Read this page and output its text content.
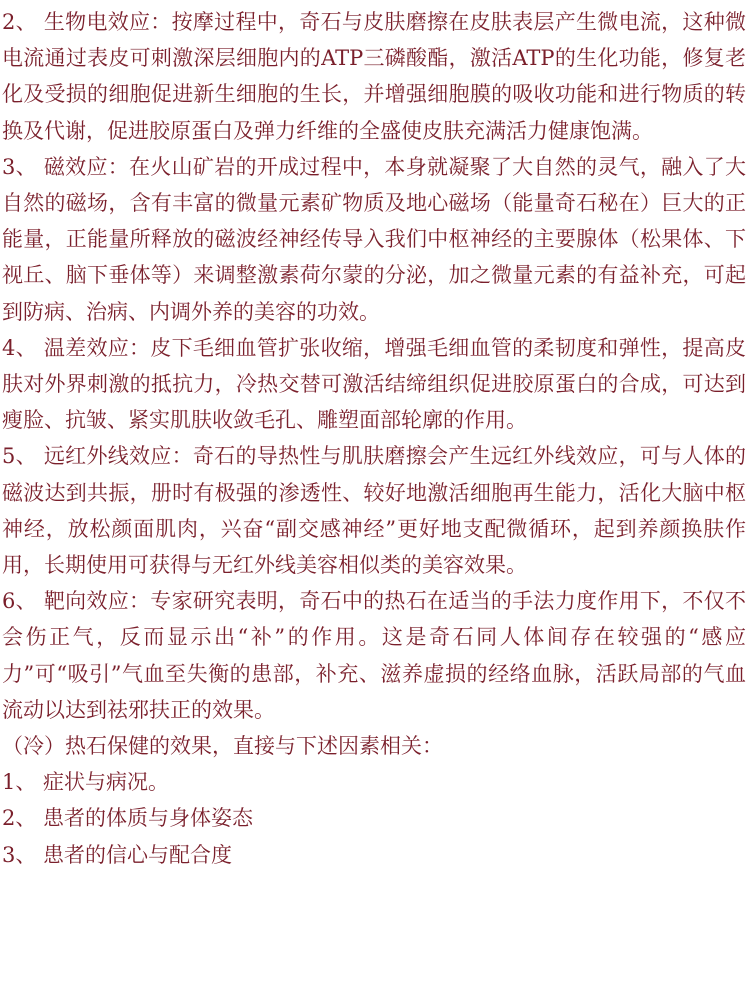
2、 生物电效应：按摩过程中，奇石与皮肤磨擦在皮肤表层产生微电流，这种微电流通过表皮可刺激深层细胞内的ATP三磷酸酯，激活ATP的生化功能，修复老化及受损的细胞促进新生细胞的生长，并增强细胞膜的吸收功能和进行物质的转换及代谢，促进胶原蛋白及弹力纤维的全盛使皮肤充满活力健康饱满。

3、 磁效应：在火山矿岩的开成过程中，本身就凝聚了大自然的灵气，融入了大自然的磁场，含有丰富的微量元素矿物质及地心磁场（能量奇石秘在）巨大的正能量，正能量所释放的磁波经神经传导入我们中枢神经的主要腺体（松果体、下视丘、脑下垂体等）来调整激素荷尔蒙的分泌，加之微量元素的有益补充，可起到防病、治病、内调外养的美容的功效。

4、 温差效应：皮下毛细血管扩张收缩，增强毛细血管的柔韧度和弹性，提高皮肤对外界刺激的抵抗力，冷热交替可激活结缔组织促进胶原蛋白的合成，可达到瘦脸、抗皱、紧实肌肤收敛毛孔、雕塑面部轮廓的作用。

5、 远红外线效应：奇石的导热性与肌肤磨擦会产生远红外线效应，可与人体的磁波达到共振，册时有极强的渗透性、较好地激活细胞再生能力，活化大脑中枢神经，放松颜面肌肉，兴奋“副交感神经”更好地支配微循环，起到养颜换肤作用，长期使用可获得与无红外线美容相似类的美容效果。

6、 靶向效应：专家研究表明，奇石中的热石在适当的手法力度作用下，不仅不会伤正气，反而显示出“补”的作用。这是奇石同人体间存在较强的“感应力”可“吸引”气血至失衡的患部，补充、滋养虚损的经络血脉，活跃局部的气血流动以达到祛邪扶正的效果。

（冷）热石保健的效果，直接与下述因素相关：

1、 症状与病况。

2、 患者的体质与身体姿态

3、 患者的信心与配合度
